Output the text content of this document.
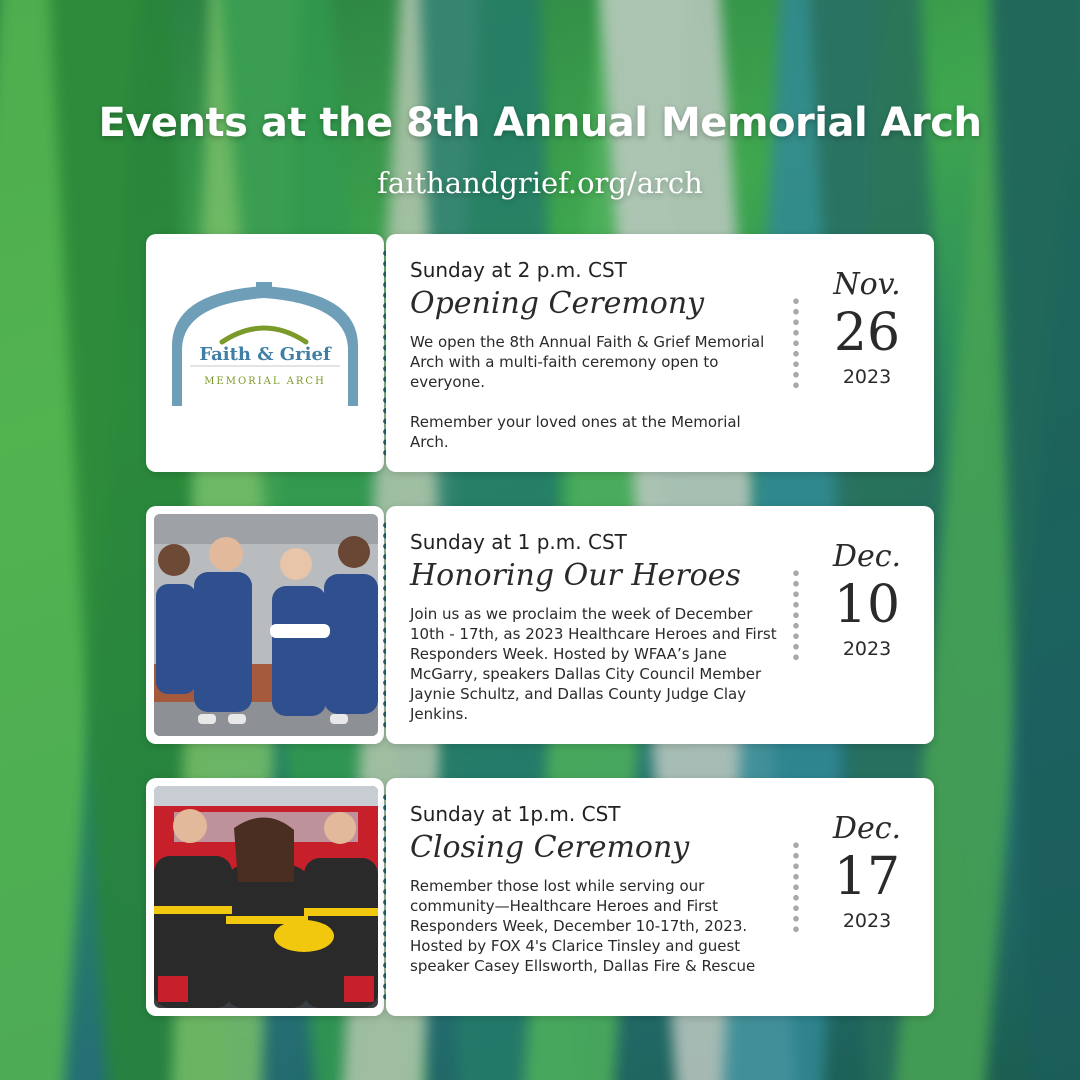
Events at the 8th Annual Memorial Arch
faithandgrief.org/arch
Faith & Grief
MEMORIAL ARCH
Sunday at 2 p.m. CST
Opening Ceremony

We open the 8th Annual Faith & Grief Memorial Arch with a multi-faith ceremony open to everyone.

Remember your loved ones at the Memorial Arch.

Nov.
26
2023
Sunday at 1 p.m. CST
Honoring Our Heroes

Join us as we proclaim the week of December 10th - 17th, as 2023 Healthcare Heroes and First Responders Week. Hosted by WFAA’s Jane McGarry, speakers Dallas City Council Member Jaynie Schultz, and Dallas County Judge Clay Jenkins.

Dec.
10
2023
Sunday at 1p.m. CST
Closing Ceremony

Remember those lost while serving our community—Healthcare Heroes and First Responders Week, December 10-17th, 2023. Hosted by FOX 4's Clarice Tinsley and guest speaker Casey Ellsworth, Dallas Fire & Rescue

Dec.
17
2023
